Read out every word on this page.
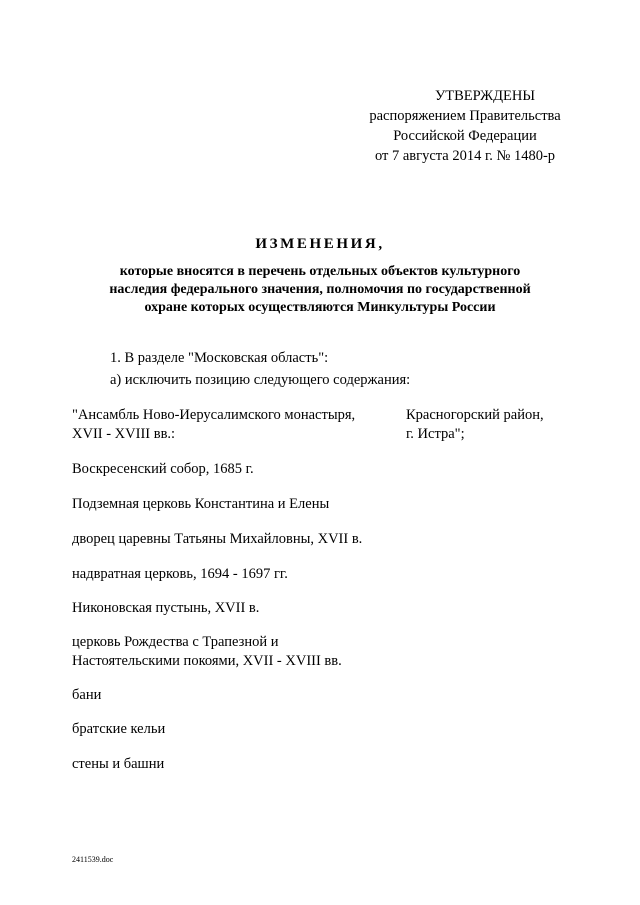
УТВЕРЖДЕНЫ
распоряжением Правительства
Российской Федерации
от 7 августа 2014 г. № 1480-р
ИЗМЕНЕНИЯ,
которые вносятся в перечень отдельных объектов культурного
наследия федерального значения, полномочия по государственной
охране которых осуществляются Минкультуры России
1. В разделе "Московская область":
а) исключить позицию следующего содержания:
"Ансамбль Ново-Иерусалимского монастыря,
XVII - XVIII вв.:
Красногорский район,
г. Истра";
Воскресенский собор, 1685 г.
Подземная церковь Константина и Елены
дворец царевны Татьяны Михайловны, XVII в.
надвратная церковь, 1694 - 1697 гг.
Никоновская пустынь, XVII в.
церковь Рождества с Трапезной и
Настоятельскими покоями, XVII - XVIII вв.
бани
братские кельи
стены и башни
2411539.doc
